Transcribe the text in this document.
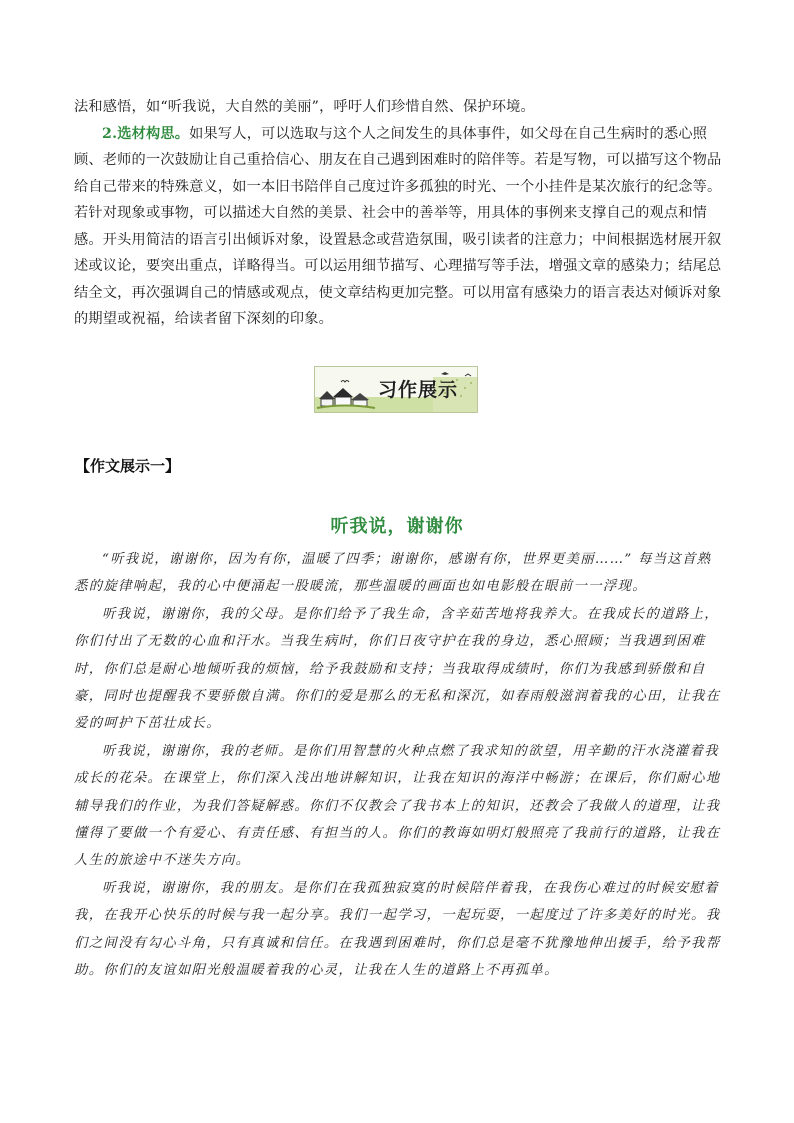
法和感悟，如“听我说，大自然的美丽”，呼吁人们珍惜自然、保护环境。

2.选材构思。如果写人，可以选取与这个人之间发生的具体事件，如父母在自己生病时的悉心照顾、老师的一次鼓励让自己重拾信心、朋友在自己遇到困难时的陪伴等。若是写物，可以描写这个物品给自己带来的特殊意义，如一本旧书陪伴自己度过许多孤独的时光、一个小挂件是某次旅行的纪念等。若针对现象或事物，可以描述大自然的美景、社会中的善举等，用具体的事例来支撑自己的观点和情感。开头用简洁的语言引出倾诉对象，设置悬念或营造氛围，吸引读者的注意力；中间根据选材展开叙述或议论，要突出重点，详略得当。可以运用细节描写、心理描写等手法，增强文章的感染力；结尾总结全文，再次强调自己的情感或观点，使文章结构更加完整。可以用富有感染力的语言表达对倾诉对象的期望或祝福，给读者留下深刻的印象。

习作展示
【作文展示一】
听我说，谢谢你

“听我说，谢谢你，因为有你，温暖了四季；谢谢你，感谢有你，世界更美丽……” 每当这首熟悉的旋律响起，我的心中便涌起一股暖流，那些温暖的画面也如电影般在眼前一一浮现。

听我说，谢谢你，我的父母。是你们给予了我生命，含辛茹苦地将我养大。在我成长的道路上，你们付出了无数的心血和汗水。当我生病时，你们日夜守护在我的身边，悉心照顾；当我遇到困难时，你们总是耐心地倾听我的烦恼，给予我鼓励和支持；当我取得成绩时，你们为我感到骄傲和自豪，同时也提醒我不要骄傲自满。你们的爱是那么的无私和深沉，如春雨般滋润着我的心田，让我在爱的呵护下茁壮成长。

听我说，谢谢你，我的老师。是你们用智慧的火种点燃了我求知的欲望，用辛勤的汗水浇灌着我成长的花朵。在课堂上，你们深入浅出地讲解知识，让我在知识的海洋中畅游；在课后，你们耐心地辅导我们的作业，为我们答疑解惑。你们不仅教会了我书本上的知识，还教会了我做人的道理，让我懂得了要做一个有爱心、有责任感、有担当的人。你们的教诲如明灯般照亮了我前行的道路，让我在人生的旅途中不迷失方向。

听我说，谢谢你，我的朋友。是你们在我孤独寂寞的时候陪伴着我，在我伤心难过的时候安慰着我，在我开心快乐的时候与我一起分享。我们一起学习，一起玩耍，一起度过了许多美好的时光。我们之间没有勾心斗角，只有真诚和信任。在我遇到困难时，你们总是毫不犹豫地伸出援手，给予我帮助。你们的友谊如阳光般温暖着我的心灵，让我在人生的道路上不再孤单。
